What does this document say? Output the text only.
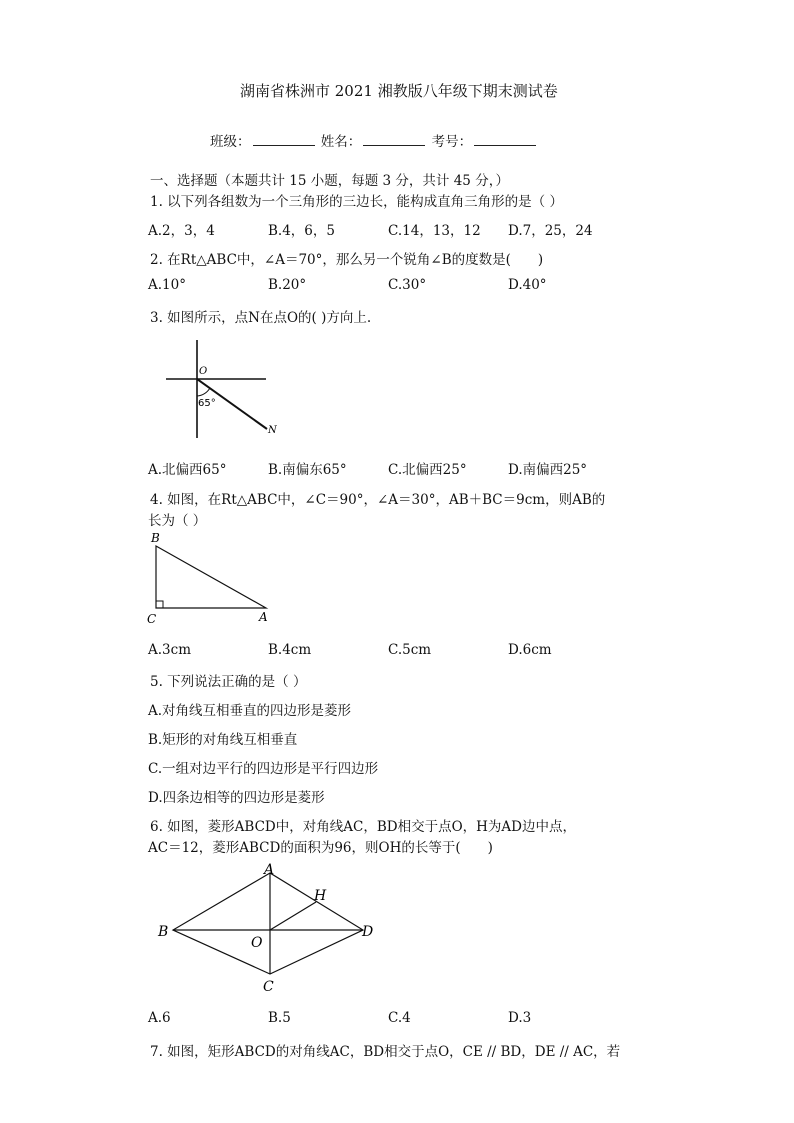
湖南省株洲市 2021 湘教版八年级下期末测试卷
班级：	姓名：	考号：
一、选择题（本题共计 15 小题，每题 3 分，共计 45 分，）
1. 以下列各组数为一个三角形的三边长，能构成直角三角形的是（ ）
A.2，3，4	B.4，6，5	C.14，13，12 D.7，25，24
2. 在Rt△ABC中，∠A＝70°，那么另一个锐角∠B的度数是(　　)
A.10°	B.20°	C.30°	D.40°
3. 如图所示，点N在点O的( )方向上.
O
65°
N
A.北偏西65°	B.南偏东65°	C.北偏西25°	D.南偏西25°
4. 如图，在Rt△ABC中，∠C＝90°，∠A＝30°，AB＋BC＝9cm，则AB的
长为（ ）
B
C	A
A.3cm	B.4cm	C.5cm	D.6cm
5. 下列说法正确的是（ ）
A.对角线互相垂直的四边形是菱形
B.矩形的对角线互相垂直
C.一组对边平行的四边形是平行四边形
D.四条边相等的四边形是菱形
6. 如图，菱形ABCD中，对角线AC，BD相交于点O，H为AD边中点，
AC＝12，菱形ABCD的面积为96，则OH的长等于(　　)
A
B
C
D
H
O
A.6	B.5	C.4	D.3
7. 如图，矩形ABCD的对角线AC，BD相交于点O，CE // BD，DE // AC，若
